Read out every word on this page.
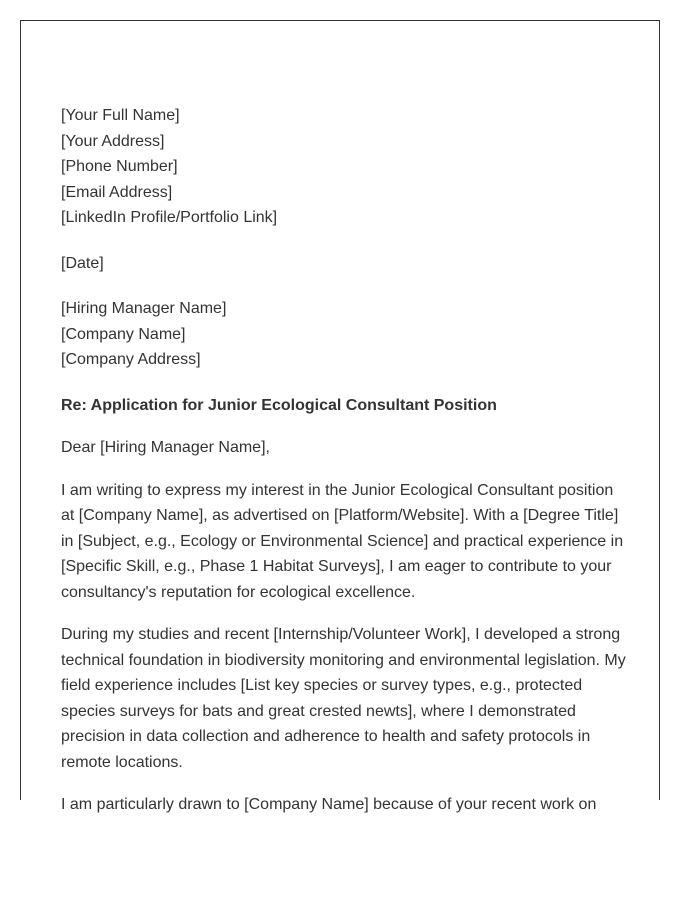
[Your Full Name]
[Your Address]
[Phone Number]
[Email Address]
[LinkedIn Profile/Portfolio Link]
[Date]
[Hiring Manager Name]
[Company Name]
[Company Address]
Re: Application for Junior Ecological Consultant Position
Dear [Hiring Manager Name],

I am writing to express my interest in the Junior Ecological Consultant position at [Company Name], as advertised on [Platform/Website]. With a [Degree Title] in [Subject, e.g., Ecology or Environmental Science] and practical experience in [Specific Skill, e.g., Phase 1 Habitat Surveys], I am eager to contribute to your consultancy's reputation for ecological excellence.

During my studies and recent [Internship/Volunteer Work], I developed a strong technical foundation in biodiversity monitoring and environmental legislation. My field experience includes [List key species or survey types, e.g., protected species surveys for bats and great crested newts], where I demonstrated precision in data collection and adherence to health and safety protocols in remote locations.

I am particularly drawn to [Company Name] because of your recent work on
